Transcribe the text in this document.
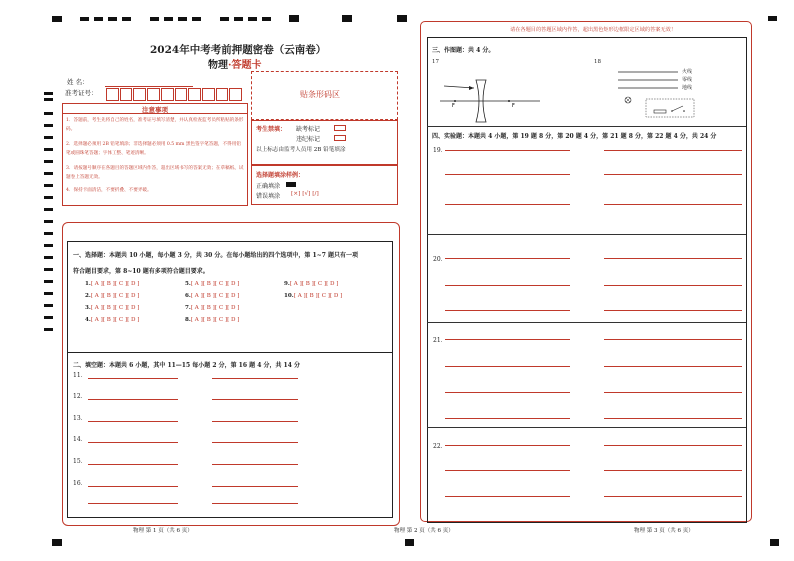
2024年中考考前押题密卷（云南卷）
物理·答题卡
姓 名：
准考证号：	贴条形码区
注意事项
1．答题前，考生先将自己的姓名，准考证号填写清楚，并认真检查监考员所粘贴的条形码。
2．选择题必须用 2B 铅笔填涂；非选择题必须用 0.5 mm 黑色签字笔答题，不得用铅笔或圆珠笔答题；字体工整、笔迹清晰。
3．请按题号顺序在各题目的答题区域内作答，超出区域书写的答案无效；在草稿纸、试题卷上答题无效。
4．保持卡面清洁，不要折叠、不要弄破。
考生禁填： 缺考标记
违纪标记
以上标志由监考人员用 2B 铅笔填涂
选择题填涂样例：
正确填涂
错误填涂 [×] [√] [/]
一、选择题：本题共 10 小题，每小题 3 分，共 30 分。在每小题给出的四个选项中，第 1~7 题只有一项
符合题目要求，第 8~10 题有多项符合题目要求。
1.[ A ][ B ][ C ][ D ]
2.[ A ][ B ][ C ][ D ]
3.[ A ][ B ][ C ][ D ]
4.[ A ][ B ][ C ][ D ]
5.[ A ][ B ][ C ][ D ]
6.[ A ][ B ][ C ][ D ]
7.[ A ][ B ][ C ][ D ]
8.[ A ][ B ][ C ][ D ]
9.[ A ][ B ][ C ][ D ]
10.[ A ][ B ][ C ][ D ]
二、填空题：本题共 6 小题，其中 11—15 每小题 2 分，第 16 题 4 分，共 14 分
11．
12．
13．
14．
15．
16．
请在各题目的答题区域内作答，超出黑色矩形边框限定区域的答案无效！
三、作图题：共 4 分。
17	18
F	F
火线
零线
地线
四、实验题：本题共 4 小题，第 19 题 8 分，第 20 题 4 分，第 21 题 8 分，第 22 题 4 分，共 24 分
19．
20．
21．
22．
物理 第 1 页（共 6 页）	物理 第 2 页（共 6 页）	物理 第 3 页（共 6 页）
